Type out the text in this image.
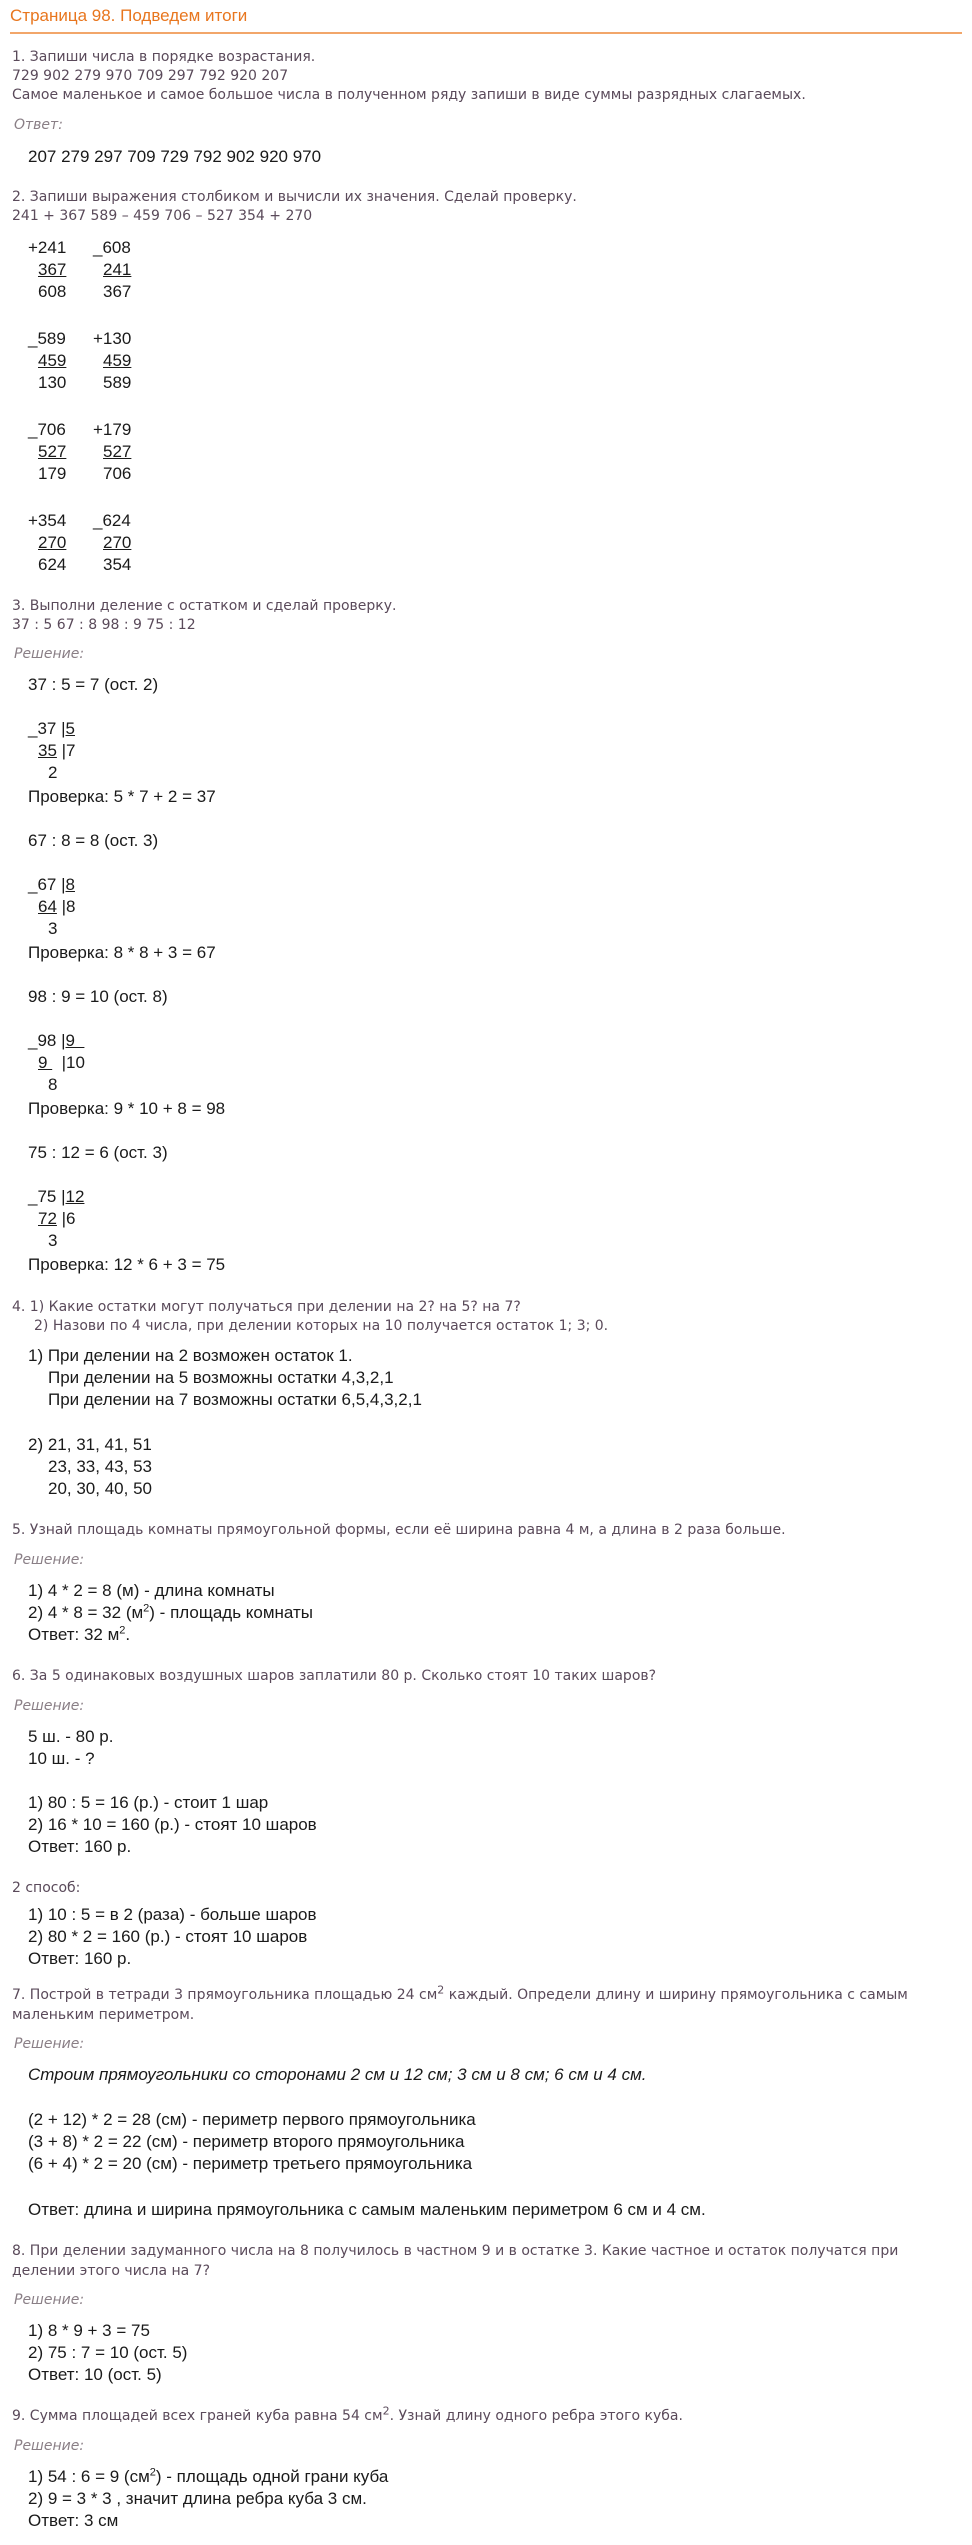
Страница 98. Подведем итоги
1. Запиши числа в порядке возрастания.
729 902 279 970 709 297 792 920 207
Самое маленькое и самое большое числа в полученном ряду запиши в виде суммы разрядных слагаемых.
Ответ:
207 279 297 709 729 792 902 920 970
2. Запиши выражения столбиком и вычисли их значения. Сделай проверку.
241 + 367 589 – 459 706 – 527 354 + 270
+241
367
608
_608
241
367
_589
459
130
+130
459
589
_706
527
179
+179
527
706
+354
270
624
_624
270
354
3. Выполни деление с остатком и сделай проверку.
37 : 5 67 : 8 98 : 9 75 : 12
Решение:
37 : 5 = 7 (ост. 2)
_37 |5
35 |7
2
Проверка: 5 * 7 + 2 = 37
67 : 8 = 8 (ост. 3)
_67 |8
64 |8
3
Проверка: 8 * 8 + 3 = 67
98 : 9 = 10 (ост. 8)
_98 |9
9   |10
8
Проверка: 9 * 10 + 8 = 98
75 : 12 = 6 (ост. 3)
_75 |12
72 |6
3
Проверка: 12 * 6 + 3 = 75
4. 1) Какие остатки могут получаться при делении на 2? на 5? на 7?
2) Назови по 4 числа, при делении которых на 10 получается остаток 1; 3; 0.
1) При делении на 2 возможен остаток 1.
При делении на 5 возможны остатки 4,3,2,1
При делении на 7 возможны остатки 6,5,4,3,2,1
2) 21, 31, 41, 51
23, 33, 43, 53
20, 30, 40, 50
5. Узнай площадь комнаты прямоугольной формы, если её ширина равна 4 м, а длина в 2 раза больше.
Решение:
1) 4 * 2 = 8 (м) - длина комнаты
2) 4 * 8 = 32 $(м^2)$ - площадь комнаты
Ответ: 32 $м^2$.
6. За 5 одинаковых воздушных шаров заплатили 80 р. Сколько стоят 10 таких шаров?
Решение:
5 ш. - 80 р.
10 ш. - ?
1) 80 : 5 = 16 (р.) - стоит 1 шар
2) 16 * 10 = 160 (р.) - стоят 10 шаров
Ответ: 160 р.
2 способ:
1) 10 : 5 = в 2 (раза) - больше шаров
2) 80 * 2 = 160 (р.) - стоят 10 шаров
Ответ: 160 р.
7. Построй в тетради 3 прямоугольника площадью 24 $см^2$ каждый. Определи длину и ширину прямоугольника с самым маленьким периметром.
Решение:
Строим прямоугольники со сторонами 2 см и 12 см; 3 см и 8 см; 6 см и 4 см.
(2 + 12) * 2 = 28 (см) - периметр первого прямоугольника
(3 + 8) * 2 = 22 (см) - периметр второго прямоугольника
(6 + 4) * 2 = 20 (см) - периметр третьего прямоугольника
Ответ: длина и ширина прямоугольника с самым маленьким периметром 6 см и 4 см.
8. При делении задуманного числа на 8 получилось в частном 9 и в остатке 3. Какие частное и остаток получатся при делении этого числа на 7?
Решение:
1) 8 * 9 + 3 = 75
2) 75 : 7 = 10 (ост. 5)
Ответ: 10 (ост. 5)
9. Сумма площадей всех граней куба равна 54 $см^2$. Узнай длину одного ребра этого куба.
Решение:
1) 54 : 6 = 9 $(см^2)$ - площадь одной грани куба
2) 9 = 3 * 3 , значит длина ребра куба 3 см.
Ответ: 3 см
